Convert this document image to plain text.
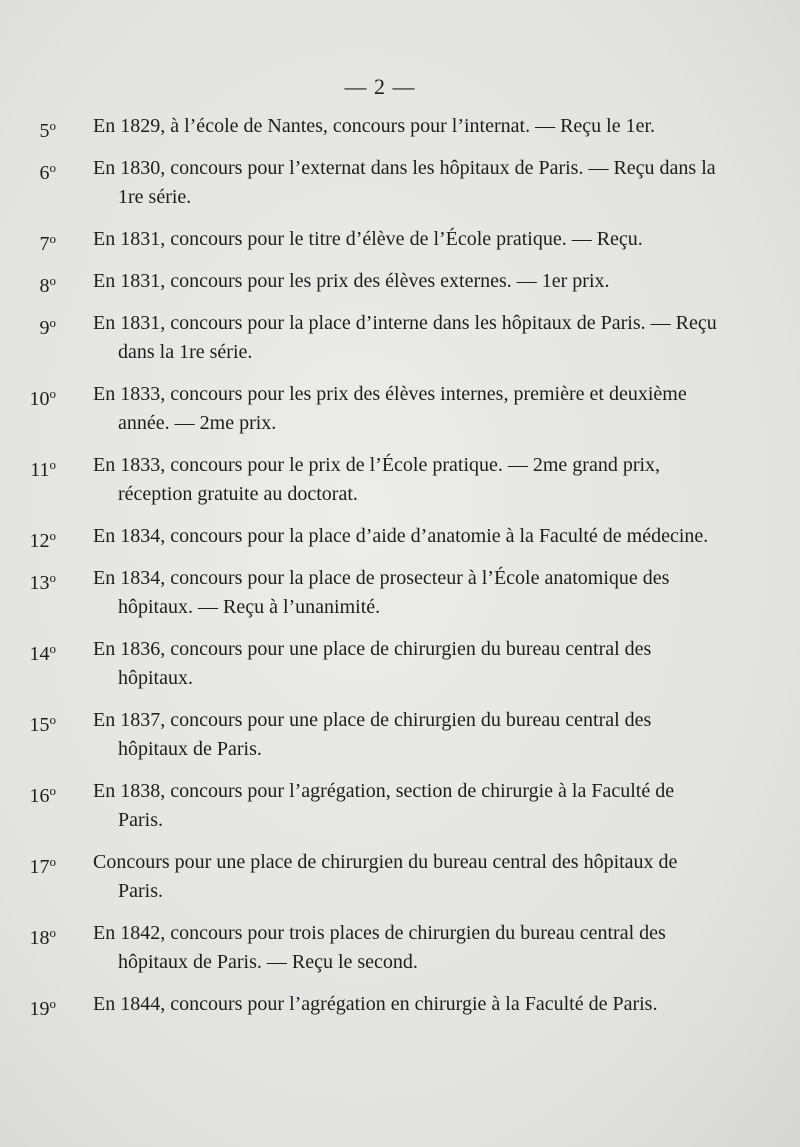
— 2 —
5$^o$ En 1829, à l’école de Nantes, concours pour l’internat. — Reçu le 1er.
6$^o$ En 1830, concours pour l’externat dans les hôpitaux de Paris. — Reçu dans la 1re série.
7$^o$ En 1831, concours pour le titre d’élève de l’École pratique. — Reçu.
8$^o$ En 1831, concours pour les prix des élèves externes. — 1er prix.
9$^o$ En 1831, concours pour la place d’interne dans les hôpitaux de Paris. — Reçu dans la 1re série.
10$^o$ En 1833, concours pour les prix des élèves internes, première et deuxième année. — 2me prix.
11$^o$ En 1833, concours pour le prix de l’École pratique. — 2me grand prix, réception gratuite au doctorat.
12$^o$ En 1834, concours pour la place d’aide d’anatomie à la Faculté de médecine.
13$^o$ En 1834, concours pour la place de prosecteur à l’École anatomique des hôpitaux. — Reçu à l’unanimité.
14$^o$ En 1836, concours pour une place de chirurgien du bureau central des hôpitaux.
15$^o$ En 1837, concours pour une place de chirurgien du bureau central des hôpitaux de Paris.
16$^o$ En 1838, concours pour l’agrégation, section de chirurgie à la Faculté de Paris.
17$^o$ Concours pour une place de chirurgien du bureau central des hôpitaux de Paris.
18$^o$ En 1842, concours pour trois places de chirurgien du bureau central des hôpitaux de Paris. — Reçu le second.
19$^o$ En 1844, concours pour l’agrégation en chirurgie à la Faculté de Paris.
